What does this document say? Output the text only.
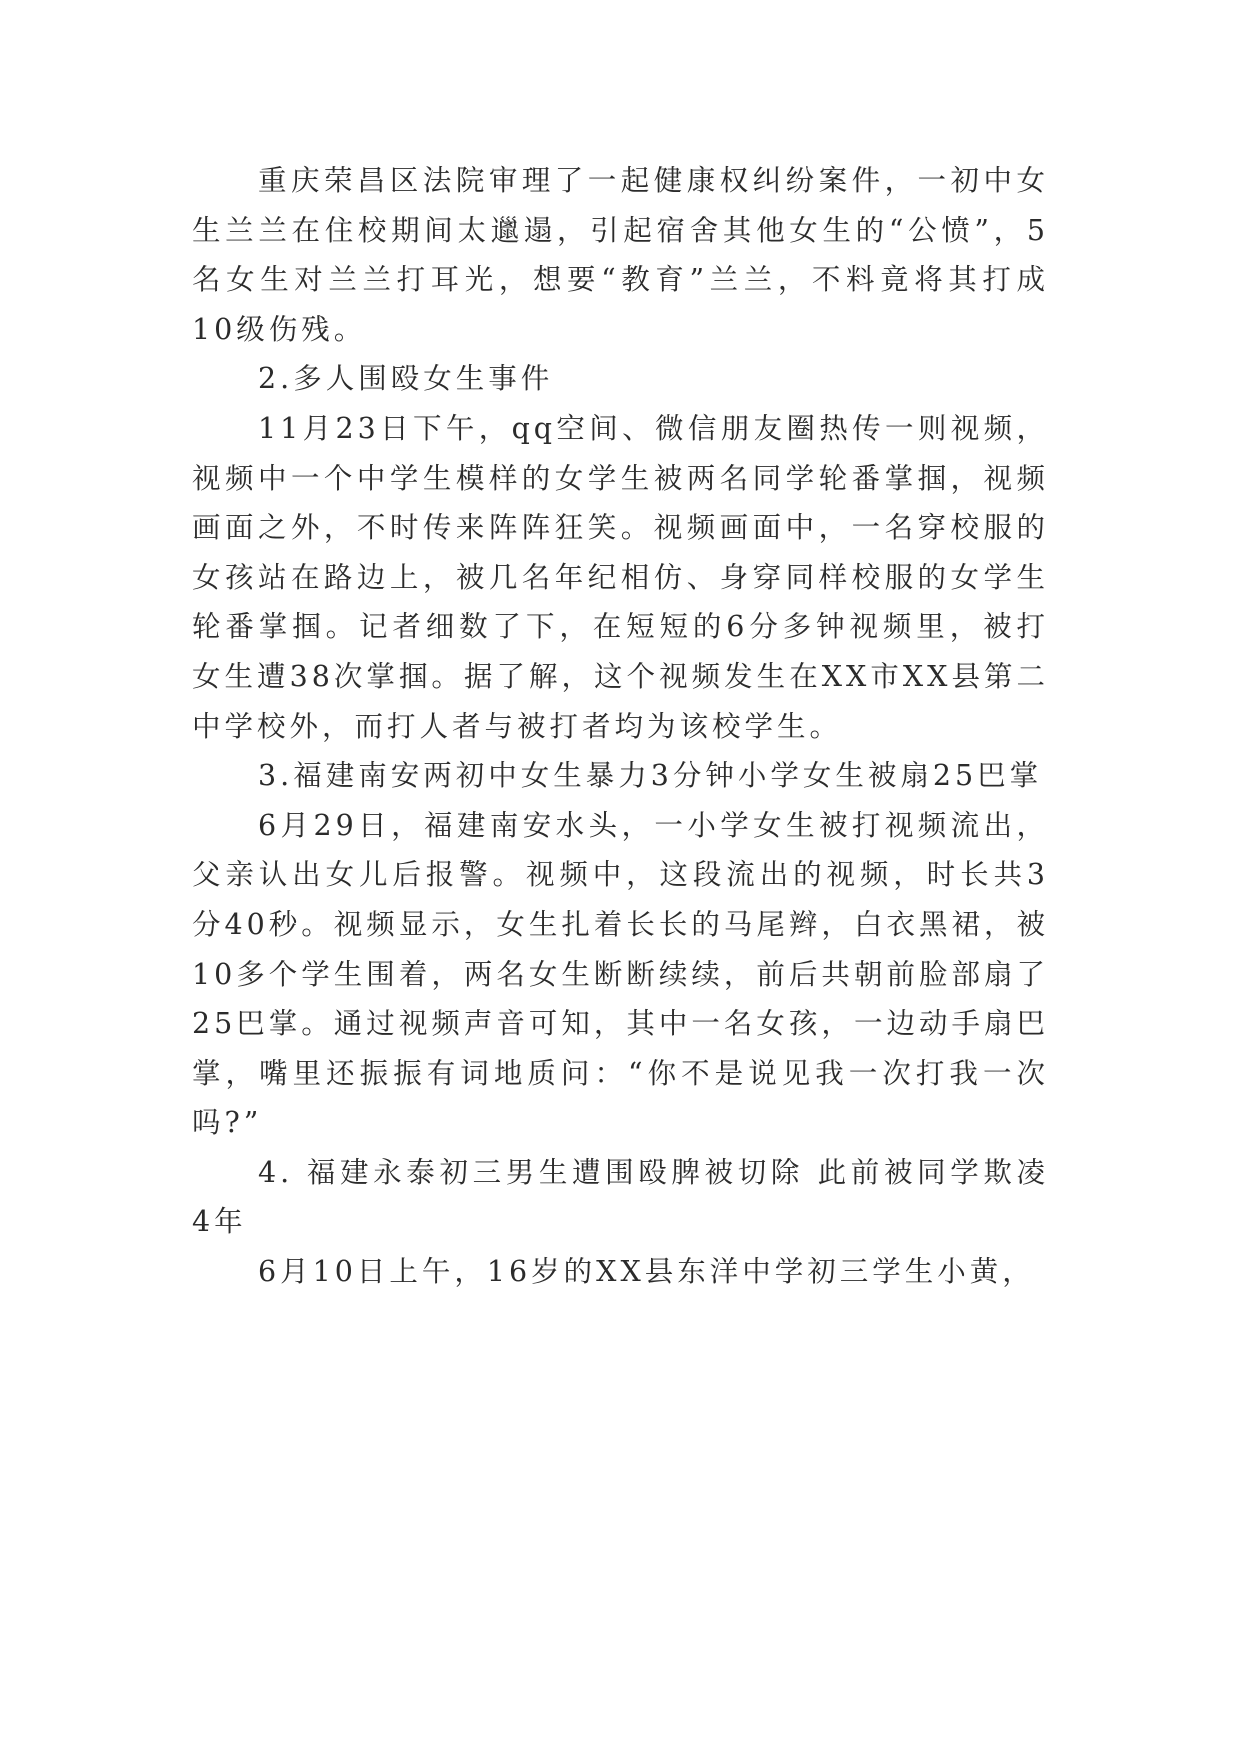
重庆荣昌区法院审理了一起健康权纠纷案件，一初中女生兰兰在住校期间太邋遢，引起宿舍其他女生的“公愤”，5名女生对兰兰打耳光，想要“教育”兰兰，不料竟将其打成10级伤残。

2.多人围殴女生事件

11月23日下午，qq空间、微信朋友圈热传一则视频，视频中一个中学生模样的女学生被两名同学轮番掌掴，视频画面之外，不时传来阵阵狂笑。视频画面中，一名穿校服的女孩站在路边上，被几名年纪相仿、身穿同样校服的女学生轮番掌掴。记者细数了下，在短短的6分多钟视频里，被打女生遭38次掌掴。据了解，这个视频发生在XX市XX县第二中学校外，而打人者与被打者均为该校学生。

3.福建南安两初中女生暴力3分钟小学女生被扇25巴掌

6月29日，福建南安水头，一小学女生被打视频流出，父亲认出女儿后报警。视频中，这段流出的视频，时长共3分40秒。视频显示，女生扎着长长的马尾辫，白衣黑裙，被10多个学生围着，两名女生断断续续，前后共朝前脸部扇了25巴掌。通过视频声音可知，其中一名女孩，一边动手扇巴掌，嘴里还振振有词地质问：“你不是说见我一次打我一次吗?”

4. 福建永泰初三男生遭围殴脾被切除 此前被同学欺凌4年

6月10日上午，16岁的XX县东洋中学初三学生小黄，
